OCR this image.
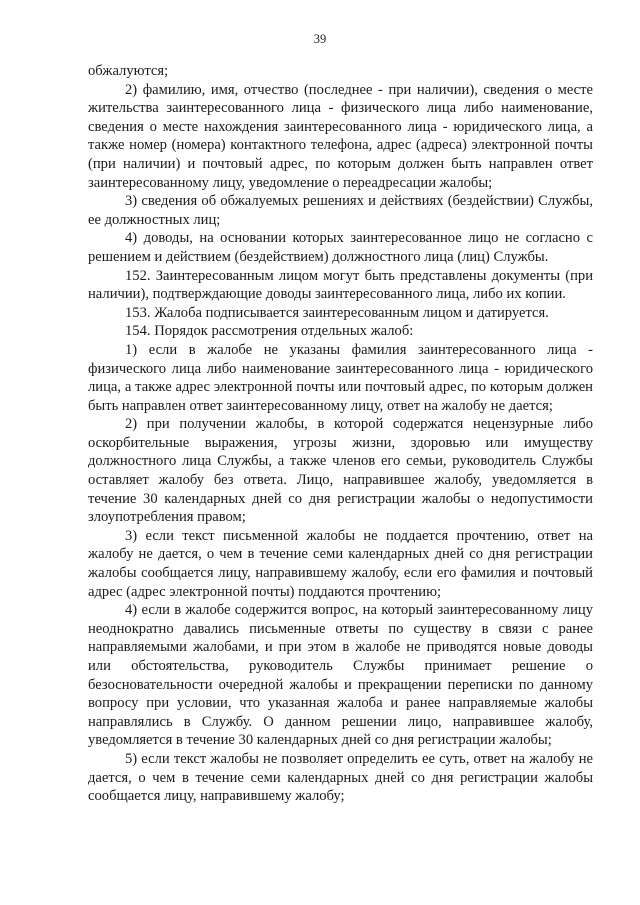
39

обжалуются;

2) фамилию, имя, отчество (последнее - при наличии), сведения о месте жительства заинтересованного лица - физического лица либо наименование, сведения о месте нахождения заинтересованного лица - юридического лица, а также номер (номера) контактного телефона, адрес (адреса) электронной почты (при наличии) и почтовый адрес, по которым должен быть направлен ответ заинтересованному лицу, уведомление о переадресации жалобы;

3) сведения об обжалуемых решениях и действиях (бездействии) Службы, ее должностных лиц;

4) доводы, на основании которых заинтересованное лицо не согласно с решением и действием (бездействием) должностного лица (лиц) Службы.

152. Заинтересованным лицом могут быть представлены документы (при наличии), подтверждающие доводы заинтересованного лица, либо их копии.

153. Жалоба подписывается заинтересованным лицом и датируется.

154. Порядок рассмотрения отдельных жалоб:

1) если в жалобе не указаны фамилия заинтересованного лица - физического лица либо наименование заинтересованного лица - юридического лица, а также адрес электронной почты или почтовый адрес, по которым должен быть направлен ответ заинтересованному лицу, ответ на жалобу не дается;

2) при получении жалобы, в которой содержатся нецензурные либо оскорбительные выражения, угрозы жизни, здоровью или имуществу должностного лица Службы, а также членов его семьи, руководитель Службы оставляет жалобу без ответа. Лицо, направившее жалобу, уведомляется в течение 30 календарных дней со дня регистрации жалобы о недопустимости злоупотребления правом;

3) если текст письменной жалобы не поддается прочтению, ответ на жалобу не дается, о чем в течение семи календарных дней со дня регистрации жалобы сообщается лицу, направившему жалобу, если его фамилия и почтовый адрес (адрес электронной почты) поддаются прочтению;

4) если в жалобе содержится вопрос, на который заинтересованному лицу неоднократно давались письменные ответы по существу в связи с ранее направляемыми жалобами, и при этом в жалобе не приводятся новые доводы или обстоятельства, руководитель Службы принимает решение о безосновательности очередной жалобы и прекращении переписки по данному вопросу при условии, что указанная жалоба и ранее направляемые жалобы направлялись в Службу. О данном решении лицо, направившее жалобу, уведомляется в течение 30 календарных дней со дня регистрации жалобы;

5) если текст жалобы не позволяет определить ее суть, ответ на жалобу не дается, о чем в течение семи календарных дней со дня регистрации жалобы сообщается лицу, направившему жалобу;
